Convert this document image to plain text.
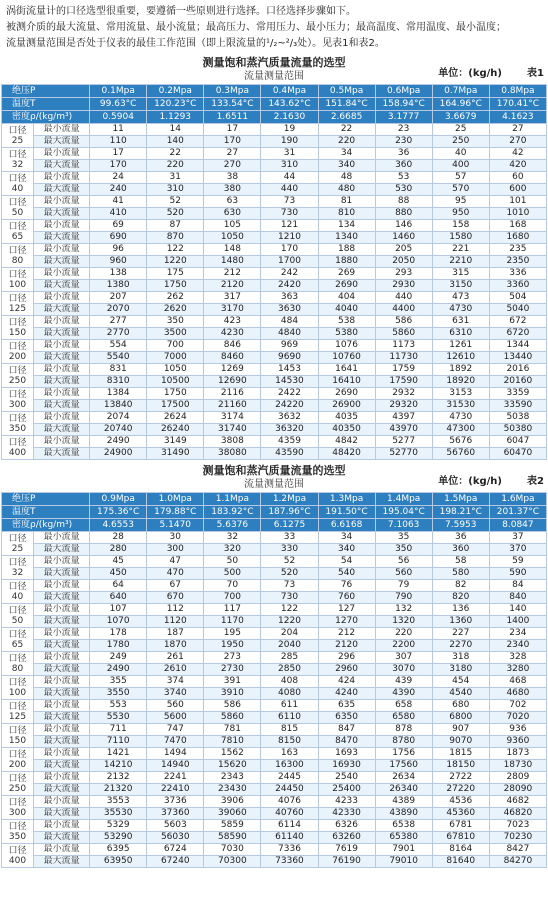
涡街流量计的口径选型很重要，要遵循一些原则进行选择。口径选择步骤如下。

被测介质的最大流量、常用流量、最小流量；最高压力、常用压力、最小压力；最高温度、常用温度、最小温度；

流量测量范围是否处于仪表的最佳工作范围（即上限流量的¹/₂~²/₃处）。见表1和表2。

测量饱和蒸汽质量流量的选型
流量测量范围	单位：(kg/h)	表1
绝压P		0.1Mpa	0.2Mpa	0.3Mpa	0.4Mpa	0.5Mpa	0.6Mpa	0.7Mpa	0.8Mpa
温度T		99.63°C	120.23°C	133.54°C	143.62°C	151.84°C	158.94°C	164.96°C	170.41°C
密度ρ/(kg/m³)		0.5904	1.1293	1.6511	2.1630	2.6685	3.1777	3.6679	4.1623

口径
25	最小流量	11	14	17	19	22	23	25	27
	最大流量	110	140	170	190	220	230	250	270

口径
32	最小流量	17	22	27	31	34	36	40	42
	最大流量	170	220	270	310	340	360	400	420

口径
40	最小流量	24	31	38	44	48	53	57	60
	最大流量	240	310	380	440	480	530	570	600

口径
50	最小流量	41	52	63	73	81	88	95	101
	最大流量	410	520	630	730	810	880	950	1010

口径
65	最小流量	69	87	105	121	134	146	158	168
	最大流量	690	870	1050	1210	1340	1460	1580	1680

口径
80	最小流量	96	122	148	170	188	205	221	235
	最大流量	960	1220	1480	1700	1880	2050	2210	2350

口径
100	最小流量	138	175	212	242	269	293	315	336
	最大流量	1380	1750	2120	2420	2690	2930	3150	3360

口径
125	最小流量	207	262	317	363	404	440	473	504
	最大流量	2070	2620	3170	3630	4040	4400	4730	5040

口径
150	最小流量	277	350	423	484	538	586	631	672
	最大流量	2770	3500	4230	4840	5380	5860	6310	6720

口径
200	最小流量	554	700	846	969	1076	1173	1261	1344
	最大流量	5540	7000	8460	9690	10760	11730	12610	13440

口径
250	最小流量	831	1050	1269	1453	1641	1759	1892	2016
	最大流量	8310	10500	12690	14530	16410	17590	18920	20160

口径
300	最小流量	1384	1750	2116	2422	2690	2932	3153	3359
	最大流量	13840	17500	21160	24220	26900	29320	31530	33590

口径
350	最小流量	2074	2624	3174	3632	4035	4397	4730	5038
	最大流量	20740	26240	31740	36320	40350	43970	47300	50380

口径
400	最小流量	2490	3149	3808	4359	4842	5277	5676	6047
	最大流量	24900	31490	38080	43590	48420	52770	56760	60470
测量饱和蒸汽质量流量的选型
流量测量范围	单位：(kg/h)	表2
绝压P		0.9Mpa	1.0Mpa	1.1Mpa	1.2Mpa	1.3Mpa	1.4Mpa	1.5Mpa	1.6Mpa
温度T		175.36°C	179.88°C	183.92°C	187.96°C	191.50°C	195.04°C	198.21°C	201.37°C
密度ρ/(kg/m³)		4.6553	5.1470	5.6376	6.1275	6.6168	7.1063	7.5953	8.0847

口径
25	最小流量	28	30	32	33	34	35	36	37
	最大流量	280	300	320	330	340	350	360	370

口径
32	最小流量	45	47	50	52	54	56	58	59
	最大流量	450	470	500	520	540	560	580	590

口径
40	最小流量	64	67	70	73	76	79	82	84
	最大流量	640	670	700	730	760	790	820	840

口径
50	最小流量	107	112	117	122	127	132	136	140
	最大流量	1070	1120	1170	1220	1270	1320	1360	1400

口径
65	最小流量	178	187	195	204	212	220	227	234
	最大流量	1780	1870	1950	2040	2120	2200	2270	2340

口径
80	最小流量	249	261	273	285	296	307	318	328
	最大流量	2490	2610	2730	2850	2960	3070	3180	3280

口径
100	最小流量	355	374	391	408	424	439	454	468
	最大流量	3550	3740	3910	4080	4240	4390	4540	4680

口径
125	最小流量	553	560	586	611	635	658	680	702
	最大流量	5530	5600	5860	6110	6350	6580	6800	7020

口径
150	最小流量	711	747	781	815	847	878	907	936
	最大流量	7110	7470	7810	8150	8470	8780	9070	9360

口径
200	最小流量	1421	1494	1562	163	1693	1756	1815	1873
	最大流量	14210	14940	15620	16300	16930	17560	18150	18730

口径
250	最小流量	2132	2241	2343	2445	2540	2634	2722	2809
	最大流量	21320	22410	23430	24450	25400	26340	27220	28090

口径
300	最小流量	3553	3736	3906	4076	4233	4389	4536	4682
	最大流量	35530	37360	39060	40760	42330	43890	45360	46820

口径
350	最小流量	5329	5603	5859	6114	6326	6538	6781	7023
	最大流量	53290	56030	58590	61140	63260	65380	67810	70230

口径
400	最小流量	6395	6724	7030	7336	7619	7901	8164	8427
	最大流量	63950	67240	70300	73360	76190	79010	81640	84270
